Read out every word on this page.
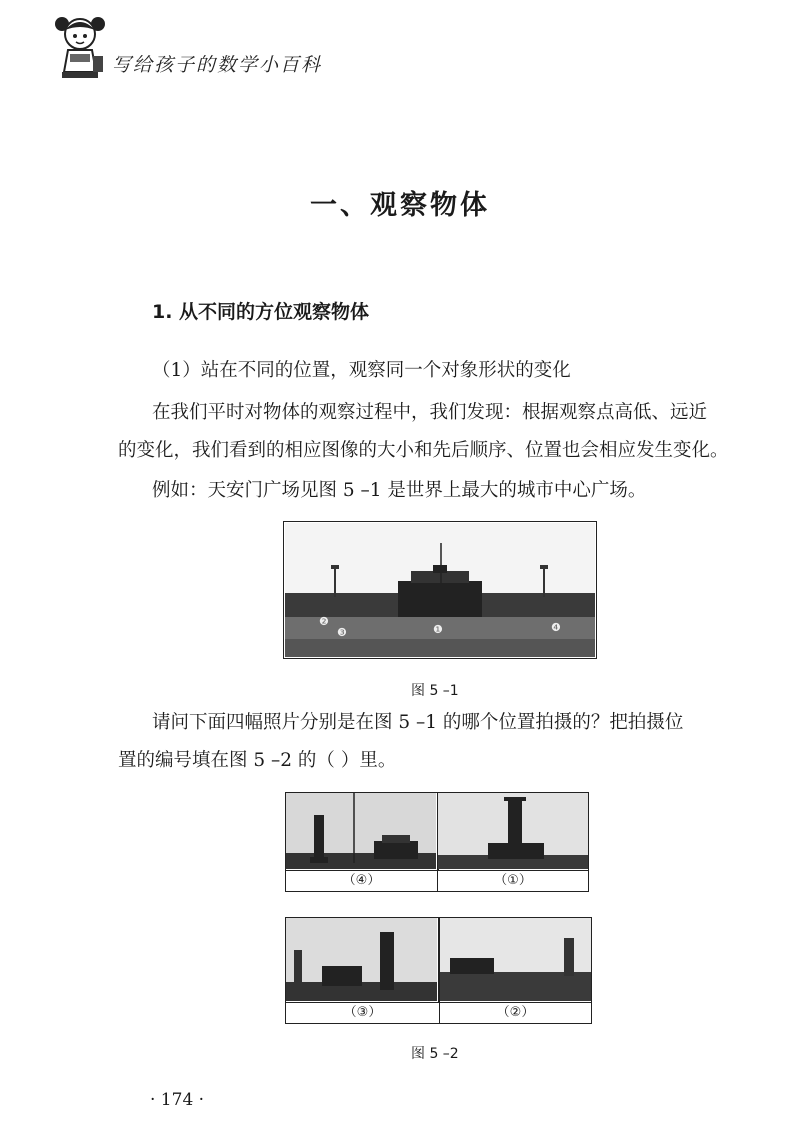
写给孩子的数学小百科
一、观察物体
1. 从不同的方位观察物体
（1）站在不同的位置，观察同一个对象形状的变化
在我们平时对物体的观察过程中，我们发现：根据观察点高低、远近
的变化，我们看到的相应图像的大小和先后顺序、位置也会相应发生变化。
例如：天安门广场见图 5 –1 是世界上最大的城市中心广场。
❷
❸	❶	❹
图 5 –1
请问下面四幅照片分别是在图 5 –1 的哪个位置拍摄的？把拍摄位
置的编号填在图 5 –2 的（ ）里。
（④）	（①）
（③）	（②）
图 5 –2
· 174 ·
